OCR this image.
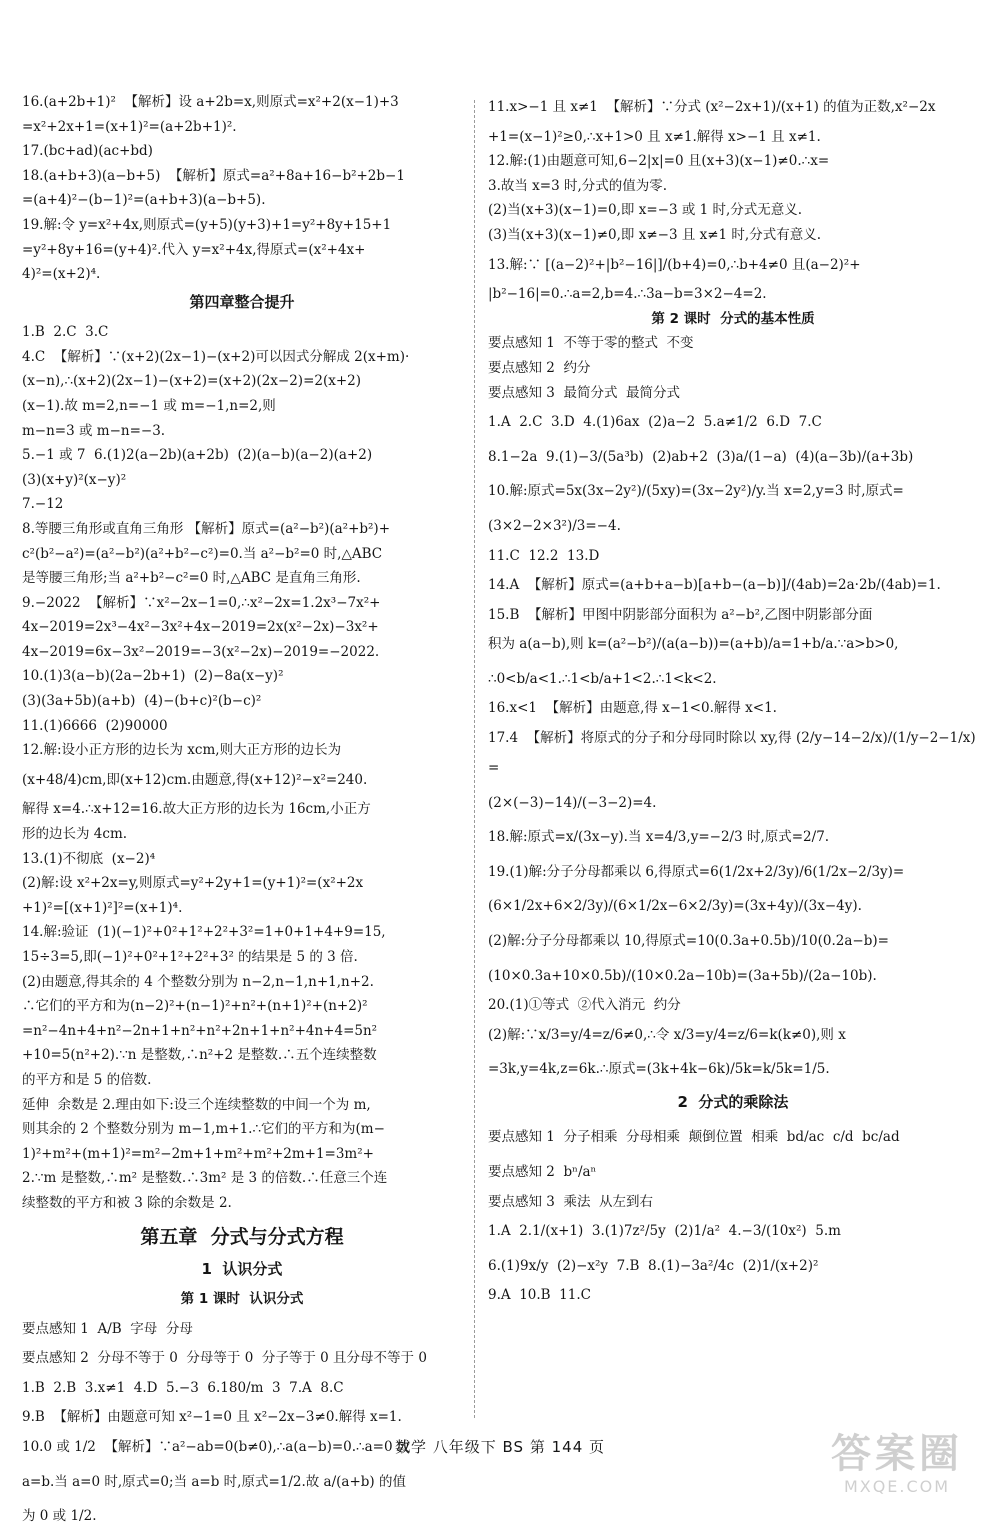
16.(a+2b+1)²  【解析】设 a+2b=x,则原式=x²+2(x−1)+3
=x²+2x+1=(x+1)²=(a+2b+1)².
17.(bc+ad)(ac+bd)
18.(a+b+3)(a−b+5)  【解析】原式=a²+8a+16−b²+2b−1
=(a+4)²−(b−1)²=(a+b+3)(a−b+5).
19.解:令 y=x²+4x,则原式=(y+5)(y+3)+1=y²+8y+15+1
=y²+8y+16=(y+4)².代入 y=x²+4x,得原式=(x²+4x+
4)²=(x+2)⁴.
第四章整合提升
1.B  2.C  3.C
4.C  【解析】∵(x+2)(2x−1)−(x+2)可以因式分解成 2(x+m)·
(x−n),∴(x+2)(2x−1)−(x+2)=(x+2)(2x−2)=2(x+2)
(x−1).故 m=2,n=−1 或 m=−1,n=2,则
m−n=3 或 m−n=−3.
5.−1 或 7  6.(1)2(a−2b)(a+2b)  (2)(a−b)(a−2)(a+2)
(3)(x+y)²(x−y)²
7.−12
8.等腰三角形或直角三角形 【解析】原式=(a²−b²)(a²+b²)+
c²(b²−a²)=(a²−b²)(a²+b²−c²)=0.当 a²−b²=0 时,△ABC
是等腰三角形;当 a²+b²−c²=0 时,△ABC 是直角三角形.
9.−2022  【解析】∵x²−2x−1=0,∴x²−2x=1.2x³−7x²+
4x−2019=2x³−4x²−3x²+4x−2019=2x(x²−2x)−3x²+
4x−2019=6x−3x²−2019=−3(x²−2x)−2019=−2022.
10.(1)3(a−b)(2a−2b+1)  (2)−8a(x−y)²
(3)(3a+5b)(a+b)  (4)−(b+c)²(b−c)²
11.(1)6666  (2)90000
12.解:设小正方形的边长为 xcm,则大正方形的边长为
(x+48/4)cm,即(x+12)cm.由题意,得(x+12)²−x²=240.
解得 x=4.∴x+12=16.故大正方形的边长为 16cm,小正方
形的边长为 4cm.
13.(1)不彻底  (x−2)⁴
(2)解:设 x²+2x=y,则原式=y²+2y+1=(y+1)²=(x²+2x
+1)²=[(x+1)²]²=(x+1)⁴.
14.解:验证  (1)(−1)²+0²+1²+2²+3²=1+0+1+4+9=15,
15÷3=5,即(−1)²+0²+1²+2²+3² 的结果是 5 的 3 倍.
(2)由题意,得其余的 4 个整数分别为 n−2,n−1,n+1,n+2.
∴它们的平方和为(n−2)²+(n−1)²+n²+(n+1)²+(n+2)²
=n²−4n+4+n²−2n+1+n²+n²+2n+1+n²+4n+4=5n²
+10=5(n²+2).∵n 是整数,∴n²+2 是整数.∴五个连续整数
的平方和是 5 的倍数.
延伸  余数是 2.理由如下:设三个连续整数的中间一个为 m,
则其余的 2 个整数分别为 m−1,m+1.∴它们的平方和为(m−
1)²+m²+(m+1)²=m²−2m+1+m²+m²+2m+1=3m²+
2.∵m 是整数,∴m² 是整数.∴3m² 是 3 的倍数.∴任意三个连
续整数的平方和被 3 除的余数是 2.
第五章  分式与分式方程
1  认识分式
第 1 课时  认识分式
要点感知 1  A/B  字母  分母
要点感知 2  分母不等于 0  分母等于 0  分子等于 0 且分母不等于 0
1.B  2.B  3.x≠1  4.D  5.−3  6.180/m  3  7.A  8.C
9.B  【解析】由题意可知 x²−1=0 且 x²−2x−3≠0.解得 x=1.
10.0 或 1/2  【解析】∵a²−ab=0(b≠0),∴a(a−b)=0.∴a=0 或
a=b.当 a=0 时,原式=0;当 a=b 时,原式=1/2.故 a/(a+b) 的值
为 0 或 1/2.
11.x>−1 且 x≠1  【解析】∵分式 (x²−2x+1)/(x+1) 的值为正数,x²−2x
+1=(x−1)²≥0,∴x+1>0 且 x≠1.解得 x>−1 且 x≠1.
12.解:(1)由题意可知,6−2|x|=0 且(x+3)(x−1)≠0.∴x=
3.故当 x=3 时,分式的值为零.
(2)当(x+3)(x−1)=0,即 x=−3 或 1 时,分式无意义.
(3)当(x+3)(x−1)≠0,即 x≠−3 且 x≠1 时,分式有意义.
13.解:∵ [(a−2)²+|b²−16|]/(b+4)=0,∴b+4≠0 且(a−2)²+
|b²−16|=0.∴a=2,b=4.∴3a−b=3×2−4=2.
第 2 课时  分式的基本性质
要点感知 1  不等于零的整式  不变
要点感知 2  约分
要点感知 3  最简分式  最简分式
1.A  2.C  3.D  4.(1)6ax  (2)a−2  5.a≠1/2  6.D  7.C
8.1−2a  9.(1)−3/(5a³b)  (2)ab+2  (3)a/(1−a)  (4)(a−3b)/(a+3b)
10.解:原式=5x(3x−2y²)/(5xy)=(3x−2y²)/y.当 x=2,y=3 时,原式=
(3×2−2×3²)/3=−4.
11.C  12.2  13.D
14.A  【解析】原式=(a+b+a−b)[a+b−(a−b)]/(4ab)=2a·2b/(4ab)=1.
15.B  【解析】甲图中阴影部分面积为 a²−b²,乙图中阴影部分面
积为 a(a−b),则 k=(a²−b²)/(a(a−b))=(a+b)/a=1+b/a.∵a>b>0,
∴0<b/a<1.∴1<b/a+1<2.∴1<k<2.
16.x<1  【解析】由题意,得 x−1<0.解得 x<1.
17.4  【解析】将原式的分子和分母同时除以 xy,得 (2/y−14−2/x)/(1/y−2−1/x)=
(2×(−3)−14)/(−3−2)=4.
18.解:原式=x/(3x−y).当 x=4/3,y=−2/3 时,原式=2/7.
19.(1)解:分子分母都乘以 6,得原式=6(1/2x+2/3y)/6(1/2x−2/3y)=
(6×1/2x+6×2/3y)/(6×1/2x−6×2/3y)=(3x+4y)/(3x−4y).
(2)解:分子分母都乘以 10,得原式=10(0.3a+0.5b)/10(0.2a−b)=
(10×0.3a+10×0.5b)/(10×0.2a−10b)=(3a+5b)/(2a−10b).
20.(1)①等式  ②代入消元  约分
(2)解:∵x/3=y/4=z/6≠0,∴令 x/3=y/4=z/6=k(k≠0),则 x
=3k,y=4k,z=6k.∴原式=(3k+4k−6k)/5k=k/5k=1/5.
2  分式的乘除法
要点感知 1  分子相乘  分母相乘  颠倒位置  相乘  bd/ac  c/d  bc/ad
要点感知 2  bⁿ/aⁿ
要点感知 3  乘法  从左到右
1.A  2.1/(x+1)  3.(1)7z²/5y  (2)1/a²  4.−3/(10x²)  5.m
6.(1)9x/y  (2)−x²y  7.B  8.(1)−3a²/4c  (2)1/(x+2)²
9.A  10.B  11.C
数学 八年级下 BS 第 144 页	答案圈
MXQE.COM
